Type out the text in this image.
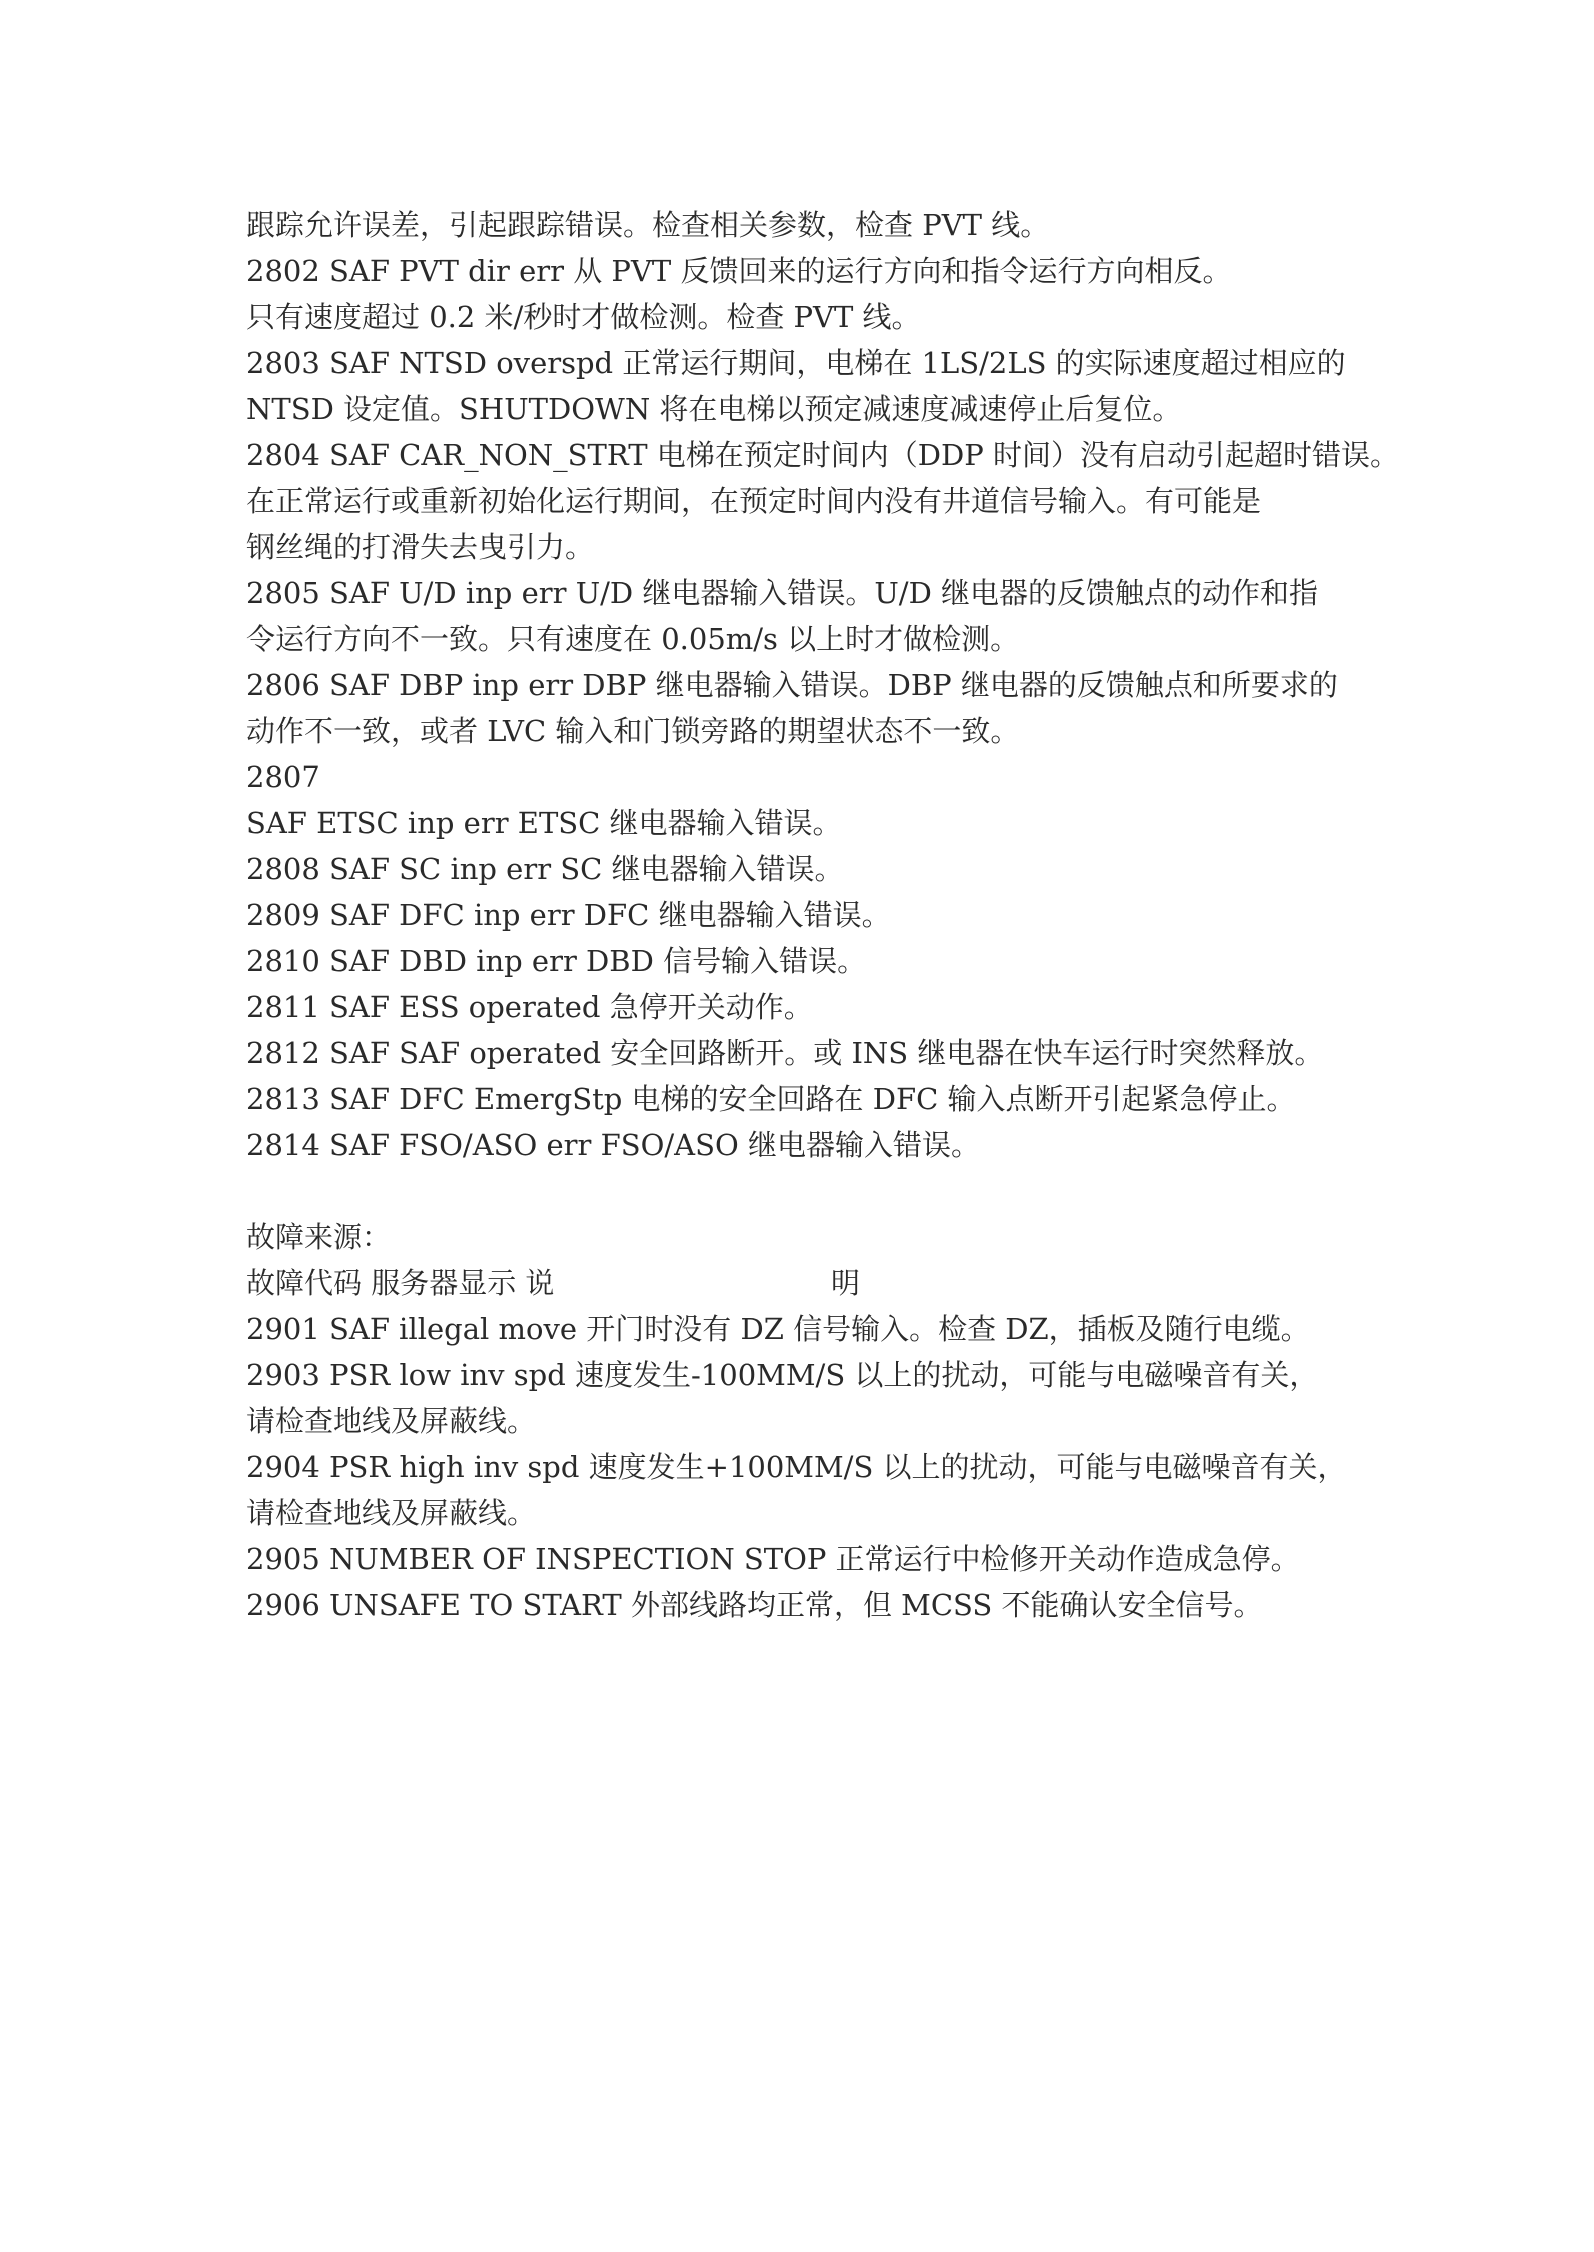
跟踪允许误差，引起跟踪错误。检查相关参数，检查 PVT 线。

2802 SAF PVT dir err 从 PVT 反馈回来的运行方向和指令运行方向相反。

只有速度超过 0.2 米/秒时才做检测。检查 PVT 线。

2803 SAF NTSD overspd 正常运行期间，电梯在 1LS/2LS 的实际速度超过相应的

NTSD 设定值。SHUTDOWN 将在电梯以预定减速度减速停止后复位。

2804 SAF CAR_NON_STRT 电梯在预定时间内（DDP 时间）没有启动引起超时错误。

在正常运行或重新初始化运行期间，在预定时间内没有井道信号输入。有可能是

钢丝绳的打滑失去曳引力。

2805 SAF U/D inp err U/D 继电器输入错误。U/D 继电器的反馈触点的动作和指

令运行方向不一致。只有速度在 0.05m/s 以上时才做检测。

2806 SAF DBP inp err DBP 继电器输入错误。DBP 继电器的反馈触点和所要求的

动作不一致，或者 LVC 输入和门锁旁路的期望状态不一致。

2807

SAF ETSC inp err ETSC 继电器输入错误。

2808 SAF SC inp err SC 继电器输入错误。

2809 SAF DFC inp err DFC 继电器输入错误。

2810 SAF DBD inp err DBD 信号输入错误。

2811 SAF ESS operated 急停开关动作。

2812 SAF SAF operated 安全回路断开。或 INS 继电器在快车运行时突然释放。

2813 SAF DFC EmergStp 电梯的安全回路在 DFC 输入点断开引起紧急停止。

2814 SAF FSO/ASO err FSO/ASO 继电器输入错误。

故障来源：

故障代码 服务器显示 说                              明

2901 SAF illegal move 开门时没有 DZ 信号输入。检查 DZ，插板及随行电缆。

2903 PSR low inv spd 速度发生-100MM/S 以上的扰动，可能与电磁噪音有关，

请检查地线及屏蔽线。

2904 PSR high inv spd 速度发生+100MM/S 以上的扰动，可能与电磁噪音有关，

请检查地线及屏蔽线。

2905 NUMBER OF INSPECTION STOP 正常运行中检修开关动作造成急停。

2906 UNSAFE TO START 外部线路均正常，但 MCSS 不能确认安全信号。
